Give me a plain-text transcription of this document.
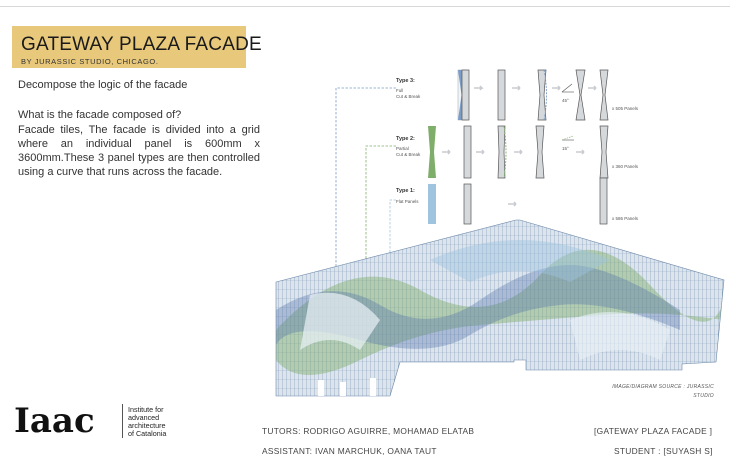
GATEWAY PLAZA FACADE
BY JURASSIC STUDIO, CHICAGO.
Decompose the logic of the facade
What is the facade composed of?
Facade tiles, The facade is divided into a grid where an individual panel is 600mm x 3600mm.These 3 panel types are then controlled using a curve that runs across the facade.
Type 3:
Full
Cut & Break
45°
x 505 Panels
Type 2:
Partial
Cut & Break
15°
x 360 Panels
Type 1:
Flat Panels
x 586 Panels
IMAGE/DIAGRAM SOURCE : JURASSIC
STUDIO
Iaac	Institute for
advanced
architecture
of Catalonia	TUTORS: RODRIGO AGUIRRE, MOHAMAD ELATAB
ASSISTANT: IVAN MARCHUK, OANA TAUT
[GATEWAY PLAZA FACADE ]
STUDENT : [SUYASH S]
